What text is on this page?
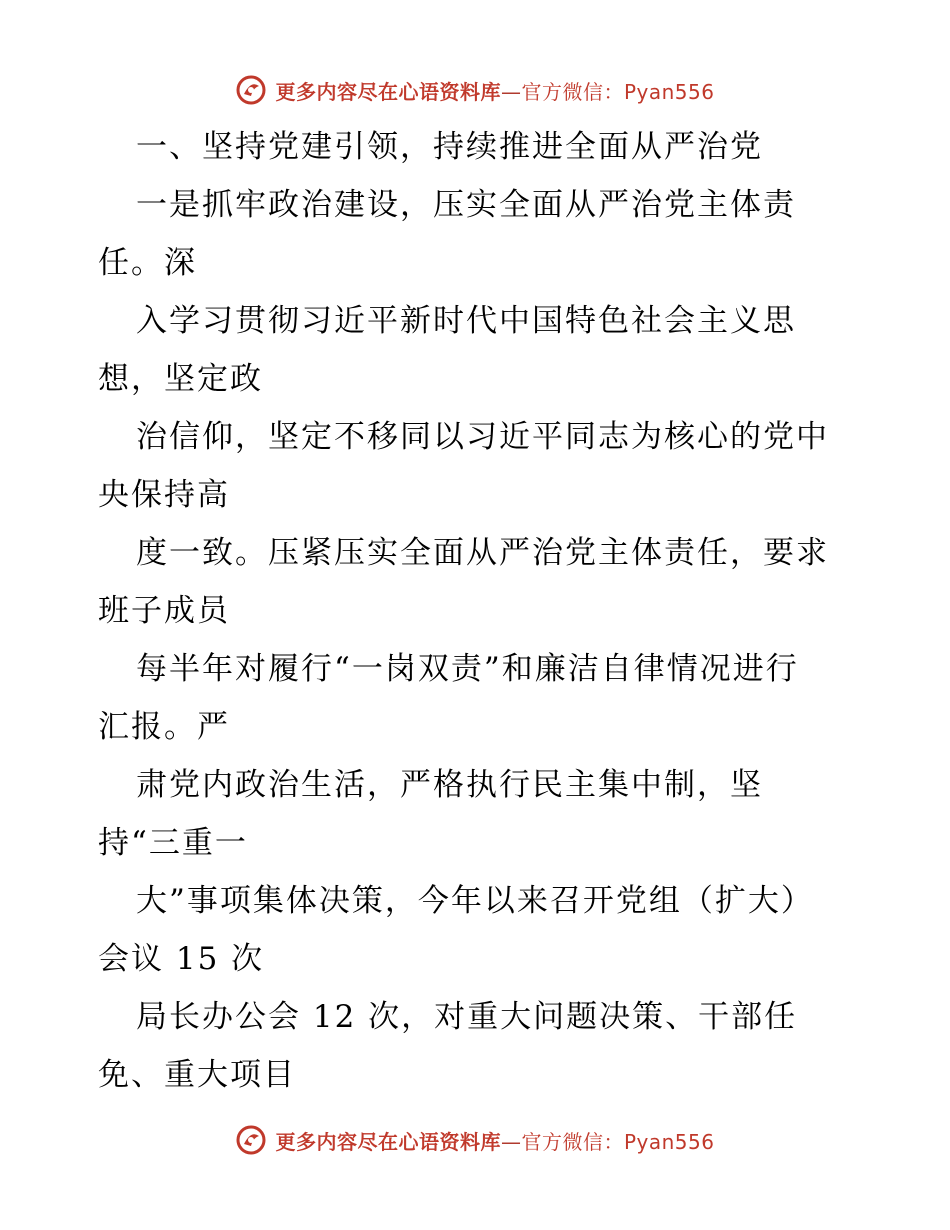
更多内容尽在心语资料库—官方微信：Pyan556
一、坚持党建引领，持续推进全面从严治党
一是抓牢政治建设，压实全面从严治党主体责
任。深
入学习贯彻习近平新时代中国特色社会主义思
想，坚定政
治信仰，坚定不移同以习近平同志为核心的党中
央保持高
度一致。压紧压实全面从严治党主体责任，要求
班子成员
每半年对履行“一岗双责”和廉洁自律情况进行
汇报。严
肃党内政治生活，严格执行民主集中制，坚
持“三重一
大”事项集体决策，今年以来召开党组（扩大）
会议 15 次
局长办公会 12 次，对重大问题决策、干部任
免、重大项目
更多内容尽在心语资料库—官方微信：Pyan556
